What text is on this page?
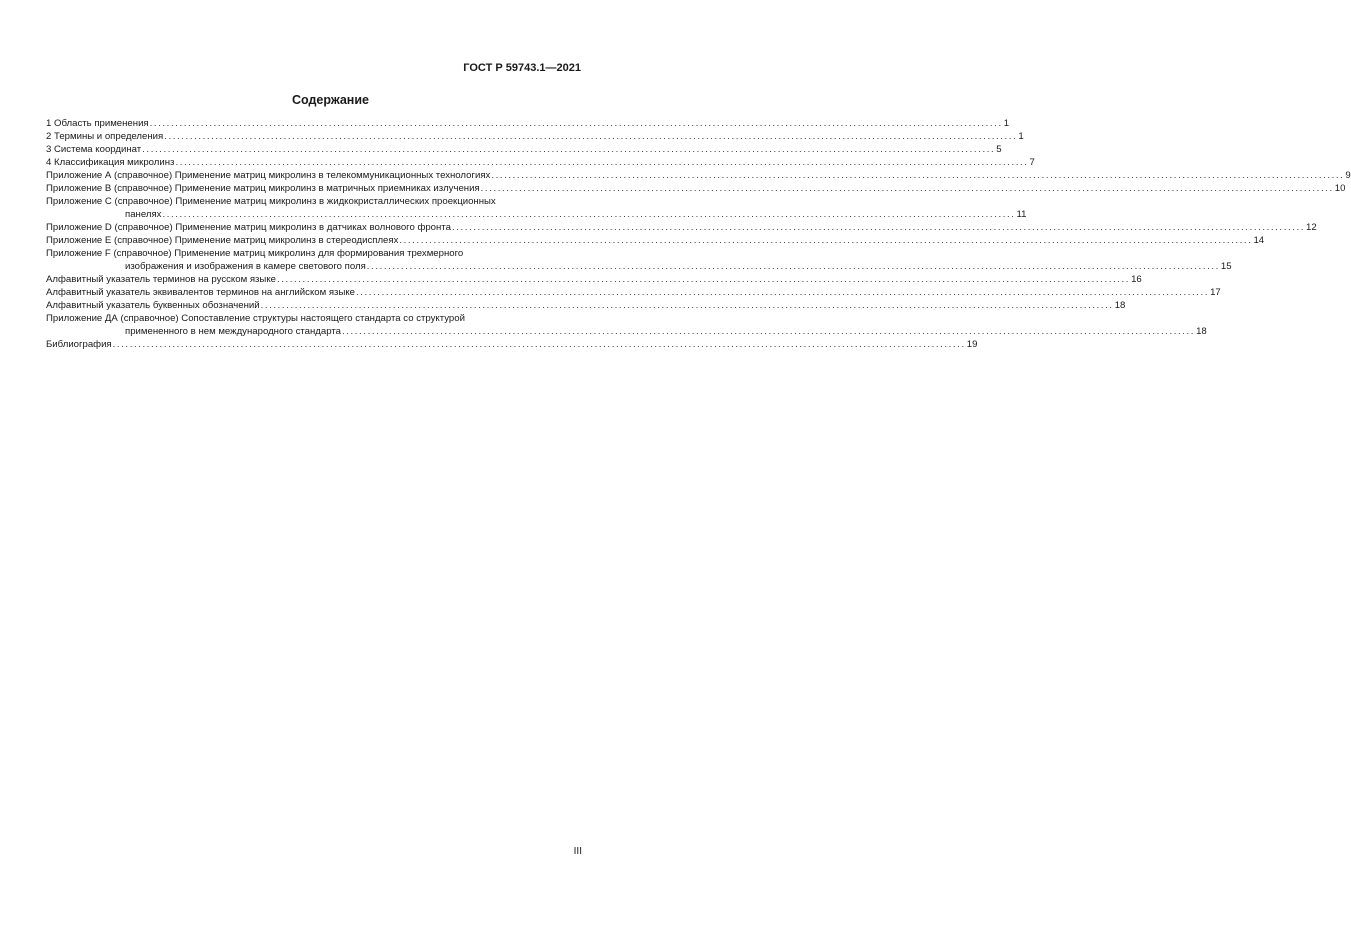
ГОСТ Р 59743.1—2021
Содержание
1 Область применения ........................................................................................................................................................................................................ 1
2 Термины и определения ........................................................................................................................................................................................................ 1
3 Система координат ........................................................................................................................................................................................................ 5
4 Классификация микролинз ........................................................................................................................................................................................................ 7
Приложение А (справочное) Применение матриц микролинз в телекоммуникационных технологиях ........................................................................................................................................................................................................ 9
Приложение В (справочное) Применение матриц микролинз в матричных приемниках излучения ........................................................................................................................................................................................................ 10
Приложение С (справочное) Применение матриц микролинз в жидкокристаллических проекционных
панелях ........................................................................................................................................................................................................ 11
Приложение D (справочное) Применение матриц микролинз в датчиках волнового фронта ........................................................................................................................................................................................................ 12
Приложение Е (справочное) Применение матриц микролинз в стереодисплеях ........................................................................................................................................................................................................ 14
Приложение F (справочное) Применение матриц микролинз для формирования трехмерного
изображения и изображения в камере светового поля ........................................................................................................................................................................................................ 15
Алфавитный указатель терминов на русском языке ........................................................................................................................................................................................................ 16
Алфавитный указатель эквивалентов терминов на английском языке ........................................................................................................................................................................................................ 17
Алфавитный указатель буквенных обозначений ........................................................................................................................................................................................................ 18
Приложение ДА (справочное) Сопоставление структуры настоящего стандарта со структурой
примененного в нем международного стандарта ........................................................................................................................................................................................................ 18
Библиография ........................................................................................................................................................................................................ 19
III
